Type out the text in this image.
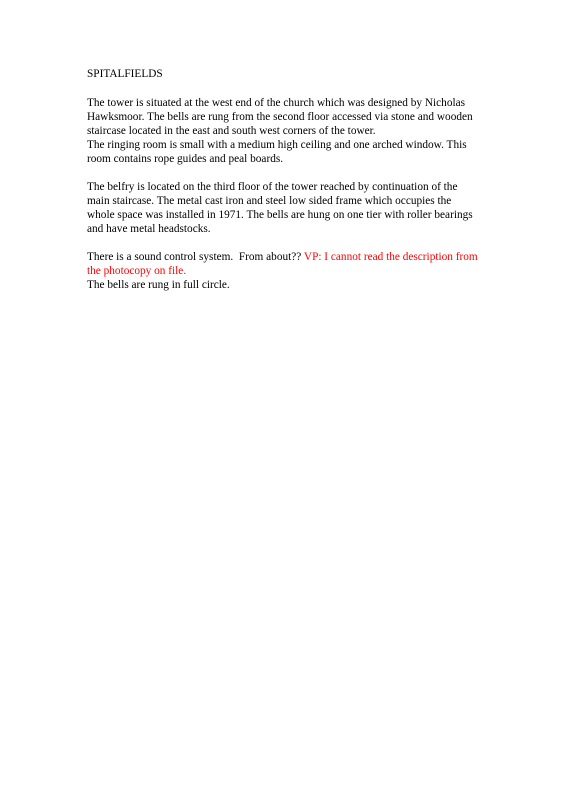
SPITALFIELDS
The tower is situated at the west end of the church which was designed by Nicholas
Hawksmoor. The bells are rung from the second floor accessed via stone and wooden
staircase located in the east and south west corners of the tower.
The ringing room is small with a medium high ceiling and one arched window. This
room contains rope guides and peal boards.
The belfry is located on the third floor of the tower reached by continuation of the
main staircase. The metal cast iron and steel low sided frame which occupies the
whole space was installed in 1971. The bells are hung on one tier with roller bearings
and have metal headstocks.
There is a sound control system.  From about?? VP: I cannot read the description from
the photocopy on file.
The bells are rung in full circle.
